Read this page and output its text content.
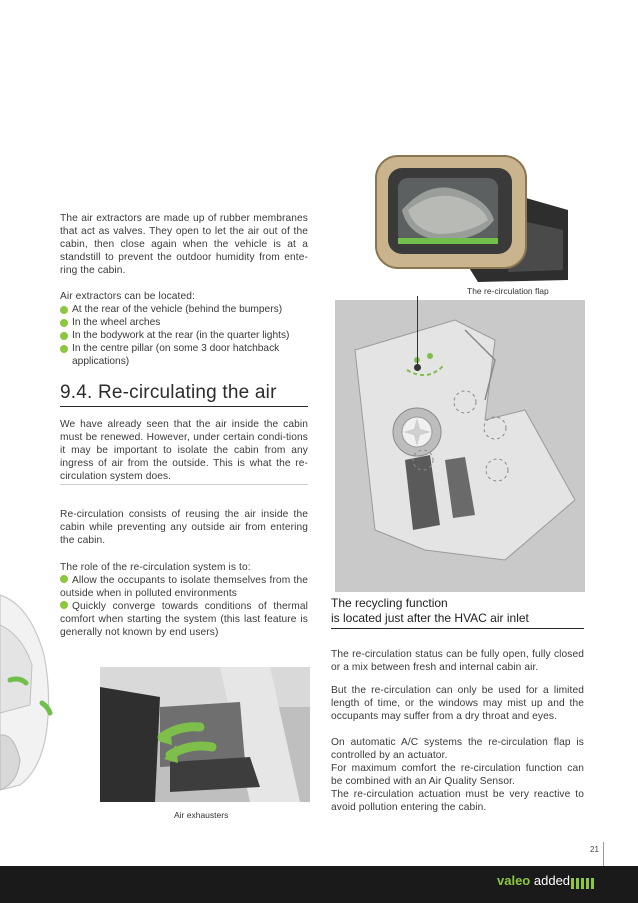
The re-circulation flap
The air extractors are made up of rubber membranes that act as valves. They open to let the air out of the cabin, then close again when the vehicle is at a standstill to prevent the outdoor humidity from ente-ring the cabin.
Air extractors can be located:
At the rear of the vehicle (behind the bumpers)
In the wheel arches
In the bodywork at the rear (in the quarter lights)
In the centre pillar (on some 3 door hatchback applications)
9.4. Re-circulating the air
We have already seen that the air inside the cabin must be renewed. However, under certain condi-tions it may be important to isolate the cabin from any ingress of air from the outside. This is what the re-circulation system does.
Re-circulation consists of reusing the air inside the cabin while preventing any outside air from entering the cabin.
The role of the re-circulation system is to:
Allow the occupants to isolate themselves from the outside when in polluted environments
Quickly converge towards conditions of thermal comfort when starting the system (this last feature is generally not known by end users)
Air exhausters
The recycling function
is located just after the HVAC air inlet
The re-circulation status can be fully open, fully closed or a mix between fresh and internal cabin air.
But the re-circulation can only be used for a limited length of time, or the windows may mist up and the occupants may suffer from a dry throat and eyes.
On automatic A/C systems the re-circulation flap is controlled by an actuator.
For maximum comfort the re-circulation function can be combined with an Air Quality Sensor.
The re-circulation actuation must be very reactive to avoid pollution entering the cabin.
21
valeo added
